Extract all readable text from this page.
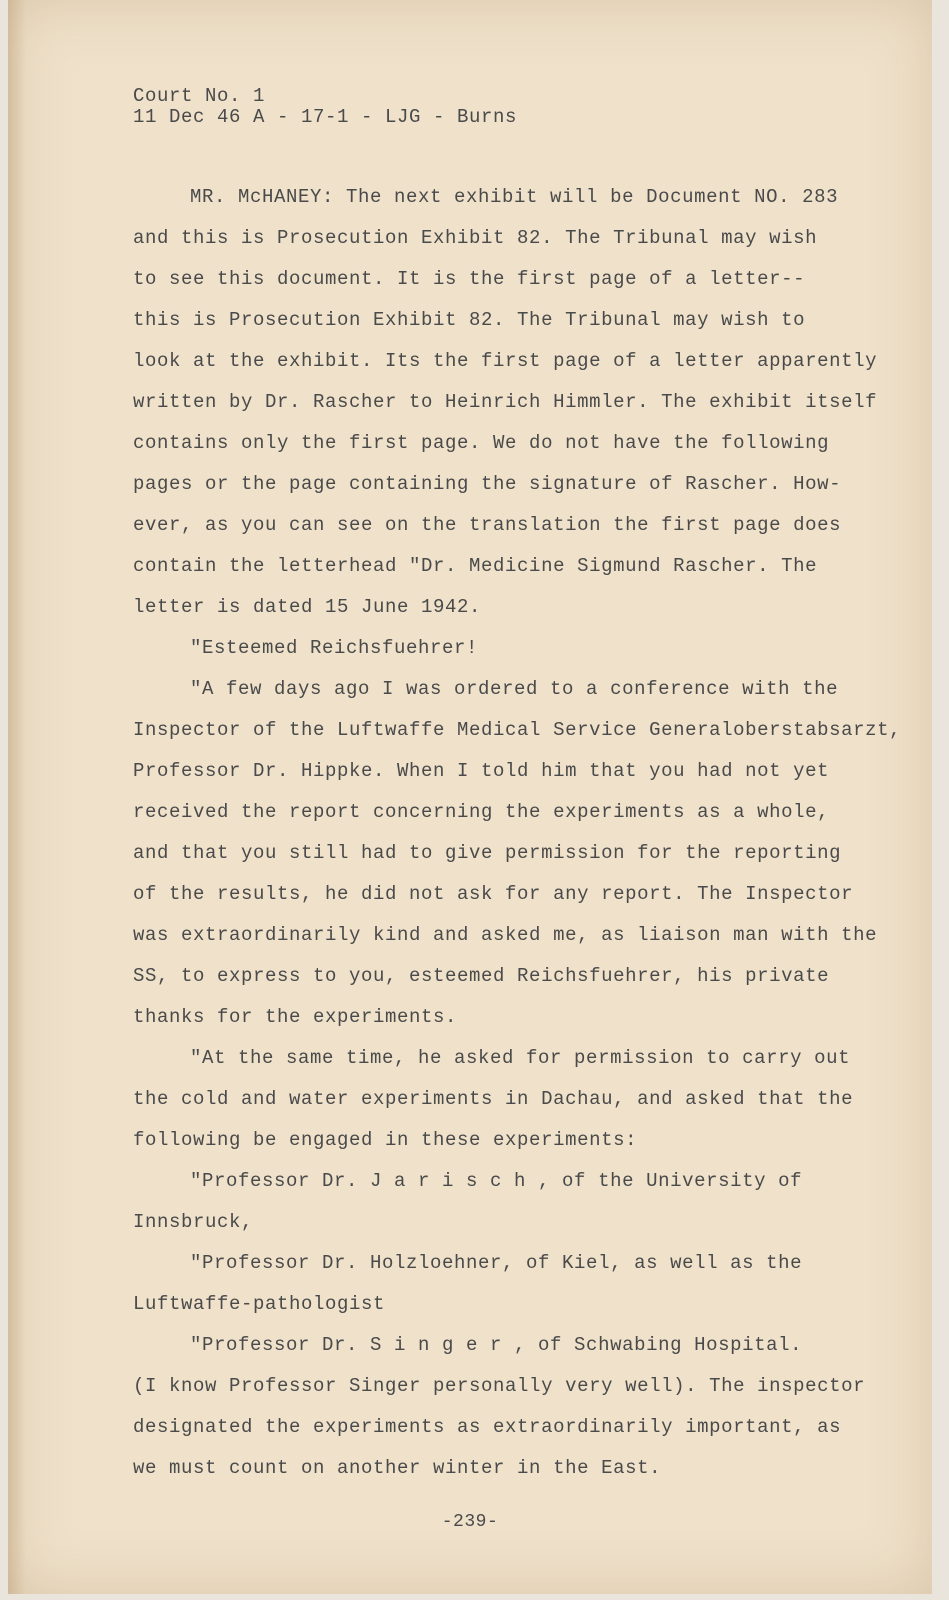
Court No. 1
11 Dec 46 A - 17-1 - LJG - Burns
MR. McHANEY: The next exhibit will be Document NO. 283
and this is Prosecution Exhibit 82. The Tribunal may wish
to see this document. It is the first page of a letter--
this is Prosecution Exhibit 82. The Tribunal may wish to
look at the exhibit. Its the first page of a letter apparently
written by Dr. Rascher to Heinrich Himmler. The exhibit itself
contains only the first page. We do not have the following
pages or the page containing the signature of Rascher. How-
ever, as you can see on the translation the first page does
contain the letterhead "Dr. Medicine Sigmund Rascher. The
letter is dated 15 June 1942.
"Esteemed Reichsfuehrer!
"A few days ago I was ordered to a conference with the
Inspector of the Luftwaffe Medical Service Generaloberstabsarzt,
Professor Dr. Hippke. When I told him that you had not yet
received the report concerning the experiments as a whole,
and that you still had to give permission for the reporting
of the results, he did not ask for any report. The Inspector
was extraordinarily kind and asked me, as liaison man with the
SS, to express to you, esteemed Reichsfuehrer, his private
thanks for the experiments.
"At the same time, he asked for permission to carry out
the cold and water experiments in Dachau, and asked that the
following be engaged in these experiments:
"Professor Dr. J a r i s c h , of the University of
Innsbruck,
"Professor Dr. Holzloehner, of Kiel, as well as the
Luftwaffe-pathologist
"Professor Dr. S i n g e r , of Schwabing Hospital.
(I know Professor Singer personally very well). The inspector
designated the experiments as extraordinarily important, as
we must count on another winter in the East.
-239-
